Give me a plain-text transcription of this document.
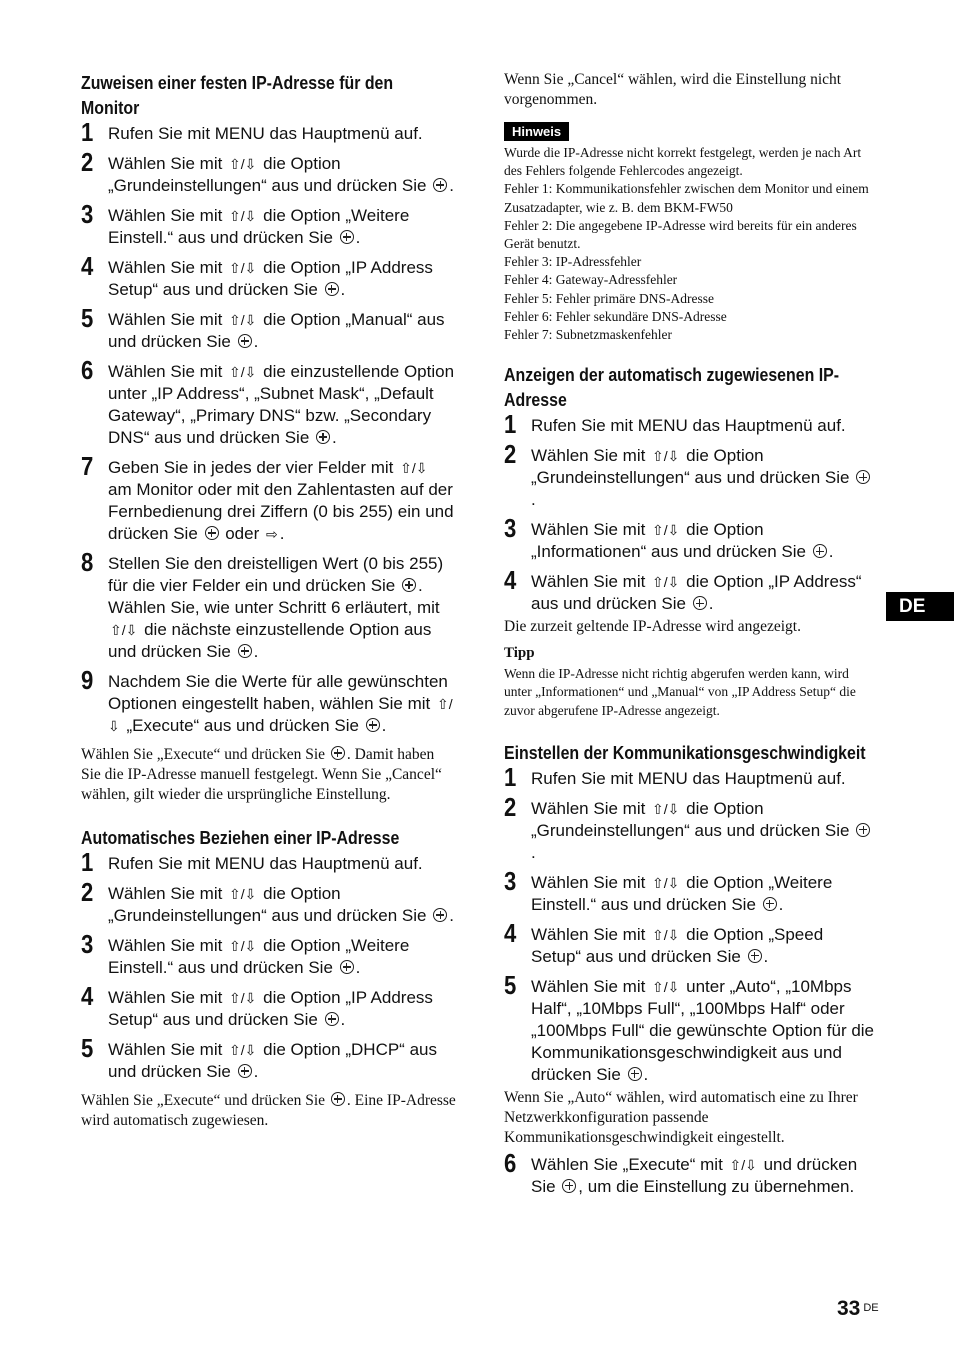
Zuweisen einer festen IP-Adresse für den Monitor
1 Rufen Sie mit MENU das Hauptmenü auf.
2 Wählen Sie mit ⇧/⇩ die Option „Grundeinstellungen“ aus und drücken Sie .
3 Wählen Sie mit ⇧/⇩ die Option „Weitere Einstell.“ aus und drücken Sie .
4 Wählen Sie mit ⇧/⇩ die Option „IP Address Setup“ aus und drücken Sie .
5 Wählen Sie mit ⇧/⇩ die Option „Manual“ aus und drücken Sie .
6 Wählen Sie mit ⇧/⇩ die einzustellende Option unter „IP Address“, „Subnet Mask“, „Default Gateway“, „Primary DNS“ bzw. „Secondary DNS“ aus und drücken Sie .
7 Geben Sie in jedes der vier Felder mit ⇧/⇩ am Monitor oder mit den Zahlentasten auf der Fernbedienung drei Ziffern (0 bis 255) ein und drücken Sie  oder ⇨ .
8 Stellen Sie den dreistelligen Wert (0 bis 255) für die vier Felder ein und drücken Sie . Wählen Sie, wie unter Schritt 6 erläutert, mit ⇧/⇩ die nächste einzustellende Option aus und drücken Sie .
9 Nachdem Sie die Werte für alle gewünschten Optionen eingestellt haben, wählen Sie mit ⇧/⇩ „Execute“ aus und drücken Sie .

Wählen Sie „Execute“ und drücken Sie . Damit haben Sie die IP-Adresse manuell festgelegt. Wenn Sie „Cancel“ wählen, gilt wieder die ursprüngliche Einstellung.

Automatisches Beziehen einer IP-Adresse
1 Rufen Sie mit MENU das Hauptmenü auf.
2 Wählen Sie mit ⇧/⇩ die Option „Grundeinstellungen“ aus und drücken Sie .
3 Wählen Sie mit ⇧/⇩ die Option „Weitere Einstell.“ aus und drücken Sie .
4 Wählen Sie mit ⇧/⇩ die Option „IP Address Setup“ aus und drücken Sie .
5 Wählen Sie mit ⇧/⇩ die Option „DHCP“ aus und drücken Sie .

Wählen Sie „Execute“ und drücken Sie . Eine IP-Adresse wird automatisch zugewiesen.

Wenn Sie „Cancel“ wählen, wird die Einstellung nicht vorgenommen.

Hinweis

Wurde die IP-Adresse nicht korrekt festgelegt, werden je nach Art des Fehlers folgende Fehlercodes angezeigt.

Fehler 1: Kommunikationsfehler zwischen dem Monitor und einem Zusatzadapter, wie z. B. dem BKM-FW50

Fehler 2: Die angegebene IP-Adresse wird bereits für ein anderes Gerät benutzt.

Fehler 3: IP-Adressfehler

Fehler 4: Gateway-Adressfehler

Fehler 5: Fehler primäre DNS-Adresse

Fehler 6: Fehler sekundäre DNS-Adresse

Fehler 7: Subnetzmaskenfehler

Anzeigen der automatisch zugewiesenen IP-Adresse
1 Rufen Sie mit MENU das Hauptmenü auf.
2 Wählen Sie mit ⇧/⇩ die Option „Grundeinstellungen“ aus und drücken Sie .
3 Wählen Sie mit ⇧/⇩ die Option „Informationen“ aus und drücken Sie .
4 Wählen Sie mit ⇧/⇩ die Option „IP Address“ aus und drücken Sie .

Die zurzeit geltende IP-Adresse wird angezeigt.

Tipp

Wenn die IP-Adresse nicht richtig abgerufen werden kann, wird unter „Informationen“ und „Manual“ von „IP Address Setup“ die zuvor abgerufene IP-Adresse angezeigt.

Einstellen der Kommunikationsgeschwindigkeit
1 Rufen Sie mit MENU das Hauptmenü auf.
2 Wählen Sie mit ⇧/⇩ die Option „Grundeinstellungen“ aus und drücken Sie .
3 Wählen Sie mit ⇧/⇩ die Option „Weitere Einstell.“ aus und drücken Sie .
4 Wählen Sie mit ⇧/⇩ die Option „Speed Setup“ aus und drücken Sie .
5 Wählen Sie mit ⇧/⇩ unter „Auto“, „10Mbps Half“, „10Mbps Full“, „100Mbps Half“ oder „100Mbps Full“ die gewünschte Option für die Kommunikationsgeschwindigkeit aus und drücken Sie .

Wenn Sie „Auto“ wählen, wird automatisch eine zu Ihrer Netzwerkkonfiguration passende Kommunikationsgeschwindigkeit eingestellt.

6 Wählen Sie „Execute“ mit ⇧/⇩ und drücken Sie , um die Einstellung zu übernehmen.
DE
33 DE
